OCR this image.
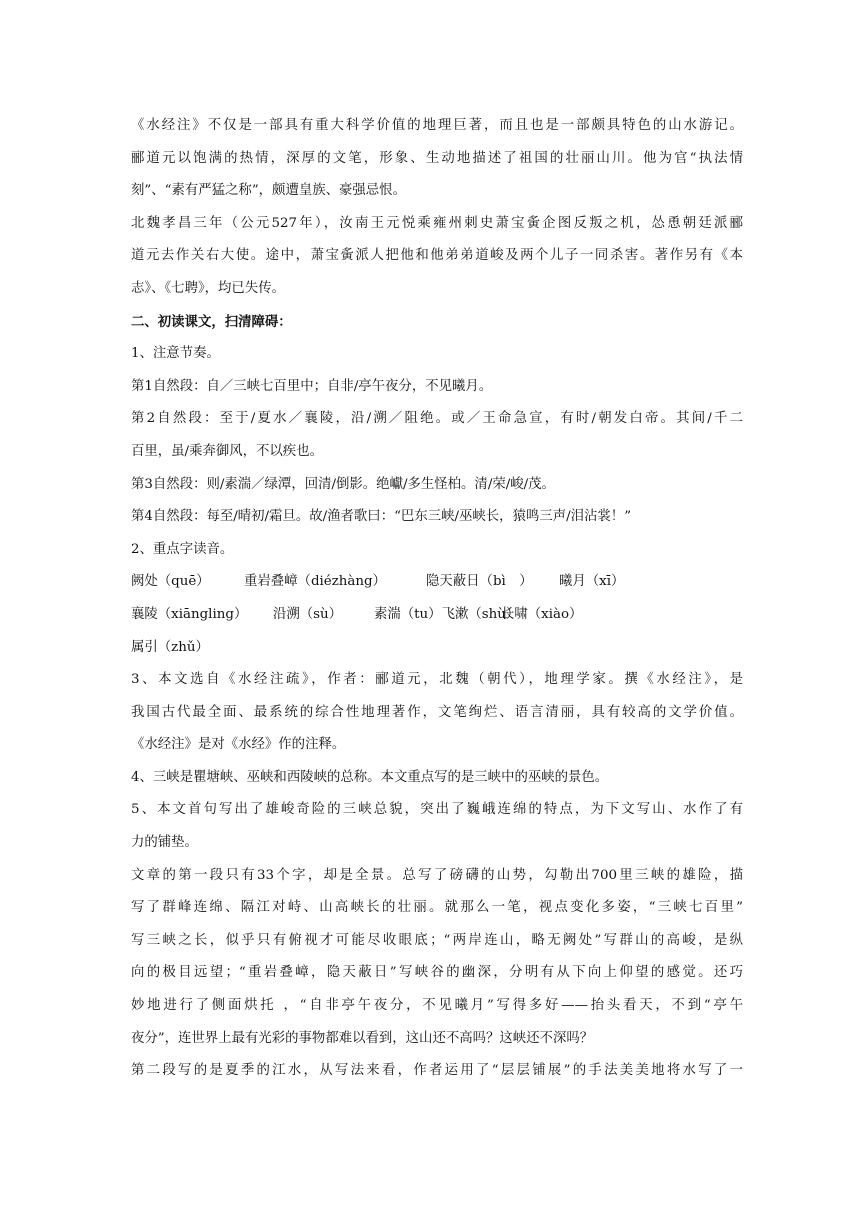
《水经注》不仅是一部具有重大科学价值的地理巨著，而且也是一部颇具特色的山水游记。
郦道元以饱满的热情，深厚的文笔，形象、生动地描述了祖国的壮丽山川。他为官“执法情
刻”、“素有严猛之称”，颇遭皇族、豪强忌恨。
北魏孝昌三年（公元527年），汝南王元悦乘雍州刺史萧宝夤企图反叛之机，怂恿朝廷派郦
道元去作关右大使。途中，萧宝夤派人把他和他弟弟道峻及两个儿子一同杀害。著作另有《本
志》、《七聘》，均已失传。
二、初读课文，扫清障碍：
1、注意节奏。
第1自然段：自／三峡七百里中；自非/亭午夜分，不见曦月。
第2自然段：至于/夏水／襄陵，沿/溯／阻绝。或／王命急宣，有时/朝发白帝。其间/千二
百里，虽/乘奔御风，不以疾也。
第3自然段：则/素湍／绿潭，回清/倒影。绝巘/多生怪柏。清/荣/峻/茂。
第4自然段：每至/晴初/霜旦。故/渔者歌曰：“巴东三峡/巫峡长，猿鸣三声/泪沾裳！”
2、重点字读音。
阙处（quē）	重岩叠嶂（diézhàng）	隐天蔽日（bì　） 曦月（xī）
襄陵（xiāngling） 沿溯（sù） 素湍（tu）飞漱（shù）长啸（xiào）
属引（zhǔ）
3、本文选自《水经注疏》，作者：郦道元，北魏（朝代），地理学家。撰《水经注》，是
我国古代最全面、最系统的综合性地理著作，文笔绚烂、语言清丽，具有较高的文学价值。
《水经注》是对《水经》作的注释。
4、三峡是瞿塘峡、巫峡和西陵峡的总称。本文重点写的是三峡中的巫峡的景色。
5、本文首句写出了雄峻奇险的三峡总貌，突出了巍峨连绵的特点，为下文写山、水作了有
力的铺垫。
文章的第一段只有33个字，却是全景。总写了磅礴的山势，勾勒出700里三峡的雄险，描
写了群峰连绵、隔江对峙、山高峡长的壮丽。就那么一笔，视点变化多姿，“三峡七百里”
写三峡之长，似乎只有俯视才可能尽收眼底；“两岸连山，略无阙处”写群山的高峻，是纵
向的极目远望；“重岩叠嶂，隐天蔽日”写峡谷的幽深，分明有从下向上仰望的感觉。还巧
妙地进行了侧面烘托 ，“自非亭午夜分，不见曦月”写得多好——抬头看天，不到“亭午
夜分”，连世界上最有光彩的事物都难以看到，这山还不高吗？这峡还不深吗？
第二段写的是夏季的江水，从写法来看，作者运用了“层层铺展”的手法美美地将水写了一
